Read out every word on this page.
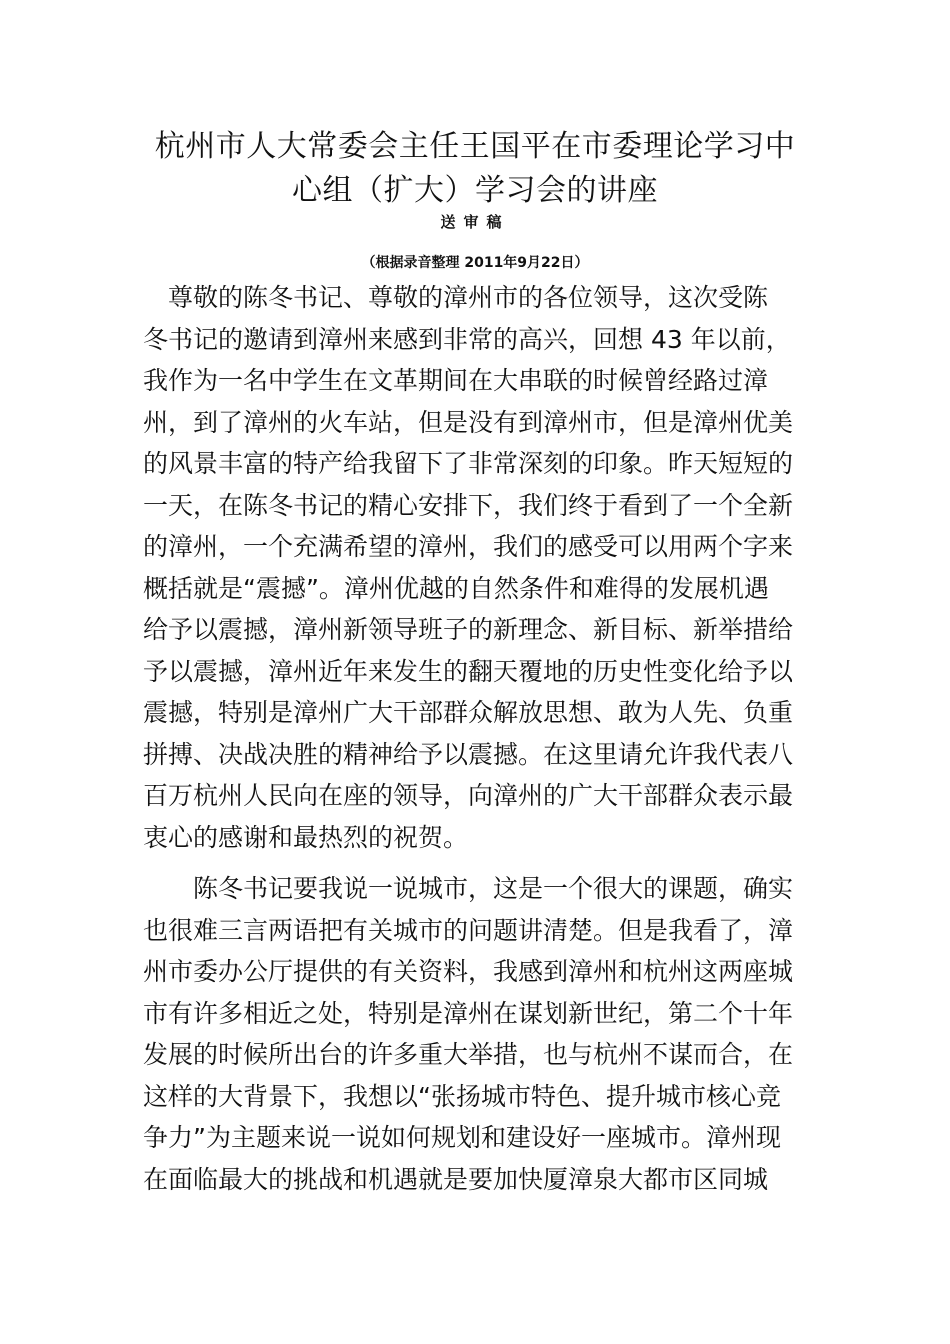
杭州市人大常委会主任王国平在市委理论学习中
心组（扩大）学习会的讲座
送审稿
（根据录音整理 2011年9月22日）

　尊敬的陈冬书记、尊敬的漳州市的各位领导，这次受陈
冬书记的邀请到漳州来感到非常的高兴，回想 43 年以前，
我作为一名中学生在文革期间在大串联的时候曾经路过漳
州，到了漳州的火车站，但是没有到漳州市，但是漳州优美
的风景丰富的特产给我留下了非常深刻的印象。昨天短短的
一天，在陈冬书记的精心安排下，我们终于看到了一个全新
的漳州，一个充满希望的漳州，我们的感受可以用两个字来
概括就是“震撼”。漳州优越的自然条件和难得的发展机遇
给予以震撼，漳州新领导班子的新理念、新目标、新举措给
予以震撼，漳州近年来发生的翻天覆地的历史性变化给予以
震撼，特别是漳州广大干部群众解放思想、敢为人先、负重
拼搏、决战决胜的精神给予以震撼。在这里请允许我代表八
百万杭州人民向在座的领导，向漳州的广大干部群众表示最
衷心的感谢和最热烈的祝贺。

　　陈冬书记要我说一说城市，这是一个很大的课题，确实
也很难三言两语把有关城市的问题讲清楚。但是我看了，漳
州市委办公厅提供的有关资料，我感到漳州和杭州这两座城
市有许多相近之处，特别是漳州在谋划新世纪，第二个十年
发展的时候所出台的许多重大举措，也与杭州不谋而合，在
这样的大背景下，我想以“张扬城市特色、提升城市核心竞
争力”为主题来说一说如何规划和建设好一座城市。漳州现
在面临最大的挑战和机遇就是要加快厦漳泉大都市区同城
